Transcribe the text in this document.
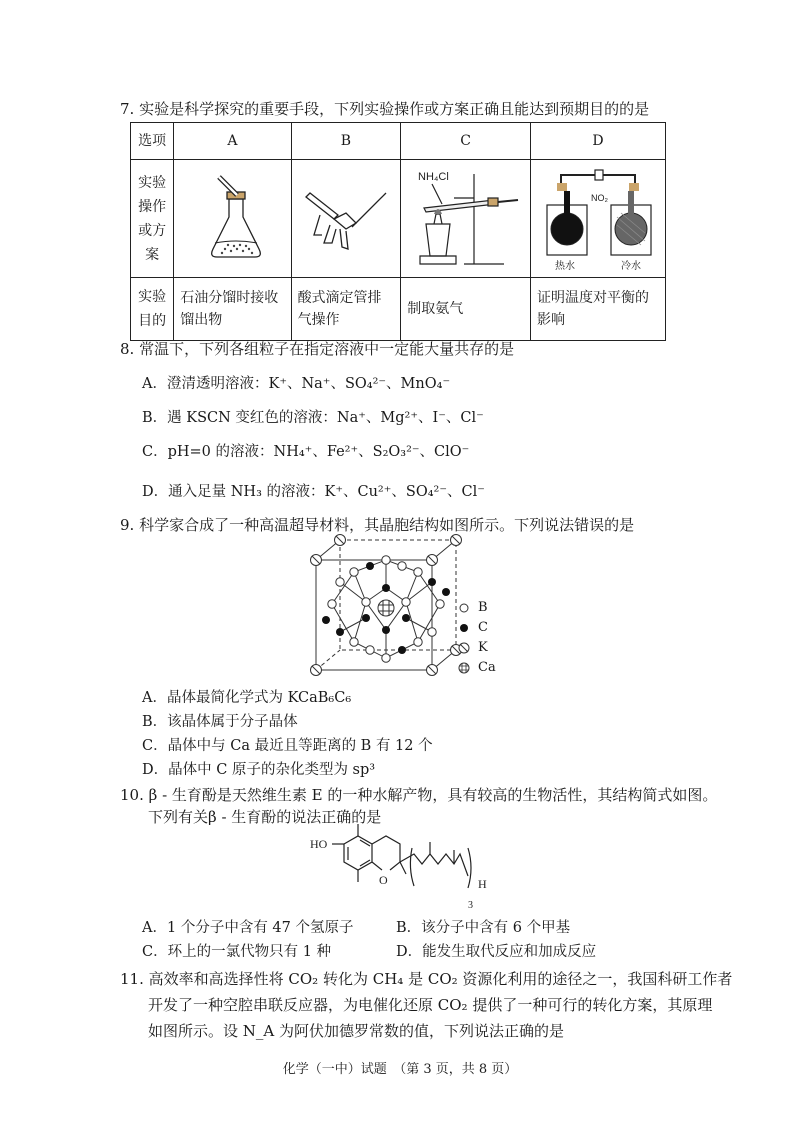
7. 实验是科学探究的重要手段，下列实验操作或方案正确且能达到预期目的的是
选项	A	B	C	D

实验
操作
或方
案			NH₄Cl	NO₂
热水 冷水

实验
目的	石油分馏时接收馏出物	酸式滴定管排气操作	制取氨气	证明温度对平衡的影响
8. 常温下，下列各组粒子在指定溶液中一定能大量共存的是
A．澄清透明溶液：K⁺、Na⁺、SO₄²⁻、MnO₄⁻
B．遇 KSCN 变红色的溶液：Na⁺、Mg²⁺、I⁻、Cl⁻
C．pH=0 的溶液：NH₄⁺、Fe²⁺、S₂O₃²⁻、ClO⁻
D．通入足量 NH₃ 的溶液：K⁺、Cu²⁺、SO₄²⁻、Cl⁻
9. 科学家合成了一种高温超导材料，其晶胞结构如图所示。下列说法错误的是
B
C
K
Ca
A．晶体最简化学式为 KCaB₆C₆
B．该晶体属于分子晶体
C．晶体中与 Ca 最近且等距离的 B 有 12 个
D．晶体中 C 原子的杂化类型为 sp³
10. β - 生育酚是天然维生素 E 的一种水解产物，具有较高的生物活性，其结构简式如图。
下列有关β - 生育酚的说法正确的是
HO
O	H
3
A．1 个分子中含有 47 个氢原子	B．该分子中含有 6 个甲基
C．环上的一氯代物只有 1 种	D．能发生取代反应和加成反应
11. 高效率和高选择性将 CO₂ 转化为 CH₄ 是 CO₂ 资源化利用的途径之一，我国科研工作者
开发了一种空腔串联反应器，为电催化还原 CO₂ 提供了一种可行的转化方案，其原理
如图所示。设 N_A 为阿伏加德罗常数的值，下列说法正确的是
化学（一中）试题　（第 3 页，共 8 页）
